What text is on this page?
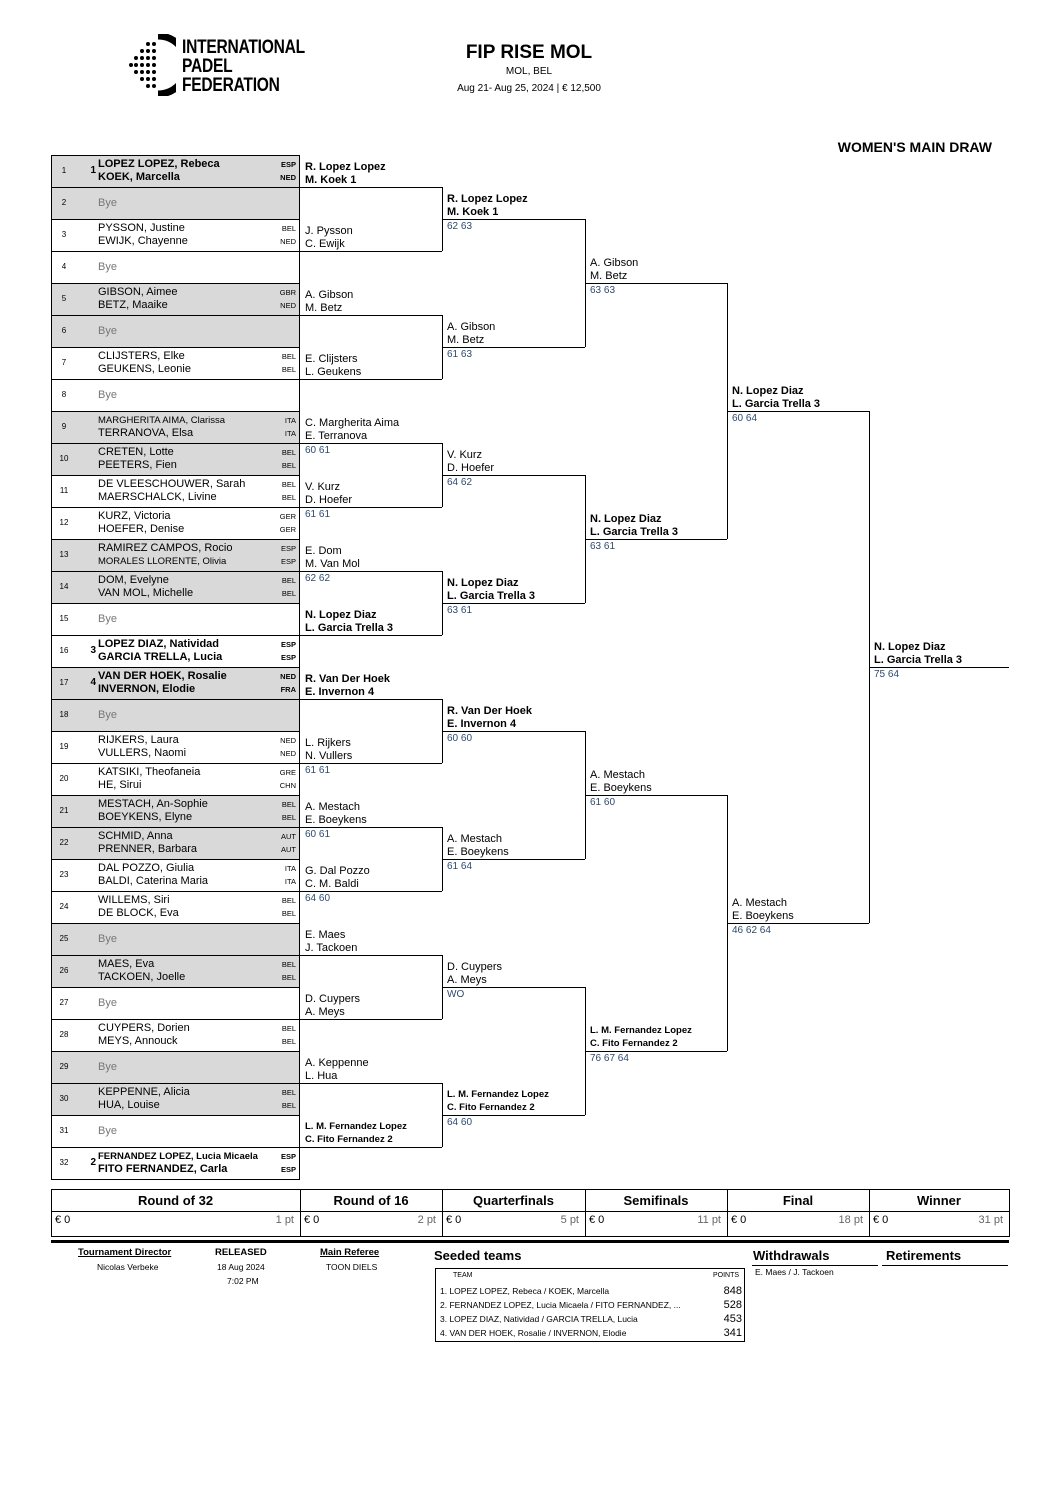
INTERNATIONAL
PADEL
FEDERATION
FIP RISE MOL
MOL, BEL
Aug 21- Aug 25, 2024 | € 12,500
WOMEN'S MAIN DRAW
1	1
LOPEZ LOPEZ, Rebeca	ESP
KOEK, Marcella	NED
2	Bye
3
PYSSON, Justine	BEL
EWIJK, Chayenne	NED
4	Bye
5
GIBSON, Aimee	GBR
BETZ, Maaike	NED
6	Bye
7
CLIJSTERS, Elke	BEL
GEUKENS, Leonie	BEL
8	Bye
9
MARGHERITA AIMA, Clarissa	ITA
TERRANOVA, Elsa	ITA
10
CRETEN, Lotte	BEL
PEETERS, Fien	BEL
11
DE VLEESCHOUWER, Sarah	BEL
MAERSCHALCK, Livine	BEL
12
KURZ, Victoria	GER
HOEFER, Denise	GER
13
RAMIREZ CAMPOS, Rocio	ESP
MORALES LLORENTE, Olivia	ESP
14
DOM, Evelyne	BEL
VAN MOL, Michelle	BEL
15	Bye
16	3
LOPEZ DIAZ, Natividad	ESP
GARCIA TRELLA, Lucia	ESP
17	4
VAN DER HOEK, Rosalie	NED
INVERNON, Elodie	FRA
18	Bye
19
RIJKERS, Laura	NED
VULLERS, Naomi	NED
20
KATSIKI, Theofaneia	GRE
HE, Sirui	CHN
21
MESTACH, An-Sophie	BEL
BOEYKENS, Elyne	BEL
22
SCHMID, Anna	AUT
PRENNER, Barbara	AUT
23
DAL POZZO, Giulia	ITA
BALDI, Caterina Maria	ITA
24
WILLEMS, Siri	BEL
DE BLOCK, Eva	BEL
25	Bye
26
MAES, Eva	BEL
TACKOEN, Joelle	BEL
27	Bye
28
CUYPERS, Dorien	BEL
MEYS, Annouck	BEL
29	Bye
30
KEPPENNE, Alicia	BEL
HUA, Louise	BEL
31	Bye
32	2
FERNANDEZ LOPEZ, Lucia Micaela	ESP
FITO FERNANDEZ, Carla	ESP
R. Lopez Lopez
M. Koek 1
J. Pysson
C. Ewijk
A. Gibson
M. Betz
E. Clijsters
L. Geukens
C. Margherita Aima
E. Terranova
60 61
V. Kurz
D. Hoefer
61 61
E. Dom
M. Van Mol
62 62
N. Lopez Diaz
L. Garcia Trella 3
R. Van Der Hoek
E. Invernon 4
L. Rijkers
N. Vullers
61 61
A. Mestach
E. Boeykens
60 61
G. Dal Pozzo
C. M. Baldi
64 60
E. Maes
J. Tackoen
D. Cuypers
A. Meys
A. Keppenne
L. Hua
L. M. Fernandez Lopez
C. Fito Fernandez 2
R. Lopez Lopez
M. Koek 1
62 63
A. Gibson
M. Betz
61 63
V. Kurz
D. Hoefer
64 62
N. Lopez Diaz
L. Garcia Trella 3
63 61
R. Van Der Hoek
E. Invernon 4
60 60
A. Mestach
E. Boeykens
61 64
D. Cuypers
A. Meys
WO
L. M. Fernandez Lopez
C. Fito Fernandez 2
64 60
A. Gibson
M. Betz
63 63
N. Lopez Diaz
L. Garcia Trella 3
63 61
A. Mestach
E. Boeykens
61 60
L. M. Fernandez Lopez
C. Fito Fernandez 2
76 67 64
N. Lopez Diaz
L. Garcia Trella 3
60 64
A. Mestach
E. Boeykens
46 62 64
N. Lopez Diaz
L. Garcia Trella 3
75 64
Round of 32
€ 0	1 pt
Round of 16
€ 0	2 pt
Quarterfinals
€ 0	5 pt
Semifinals
€ 0	11 pt
Final
€ 0	18 pt
Winner
€ 0	31 pt
Tournament Director
Nicolas Verbeke
RELEASED
18 Aug 2024
7:02 PM
Main Referee
TOON DIELS
Seeded teams
TEAM	POINTS
1. LOPEZ LOPEZ, Rebeca / KOEK, Marcella	848
2. FERNANDEZ LOPEZ, Lucia Micaela / FITO FERNANDEZ, ...	528
3. LOPEZ DIAZ, Natividad / GARCIA TRELLA, Lucia	453
4. VAN DER HOEK, Rosalie / INVERNON, Elodie	341
Withdrawals
E. Maes / J. Tackoen
Retirements
